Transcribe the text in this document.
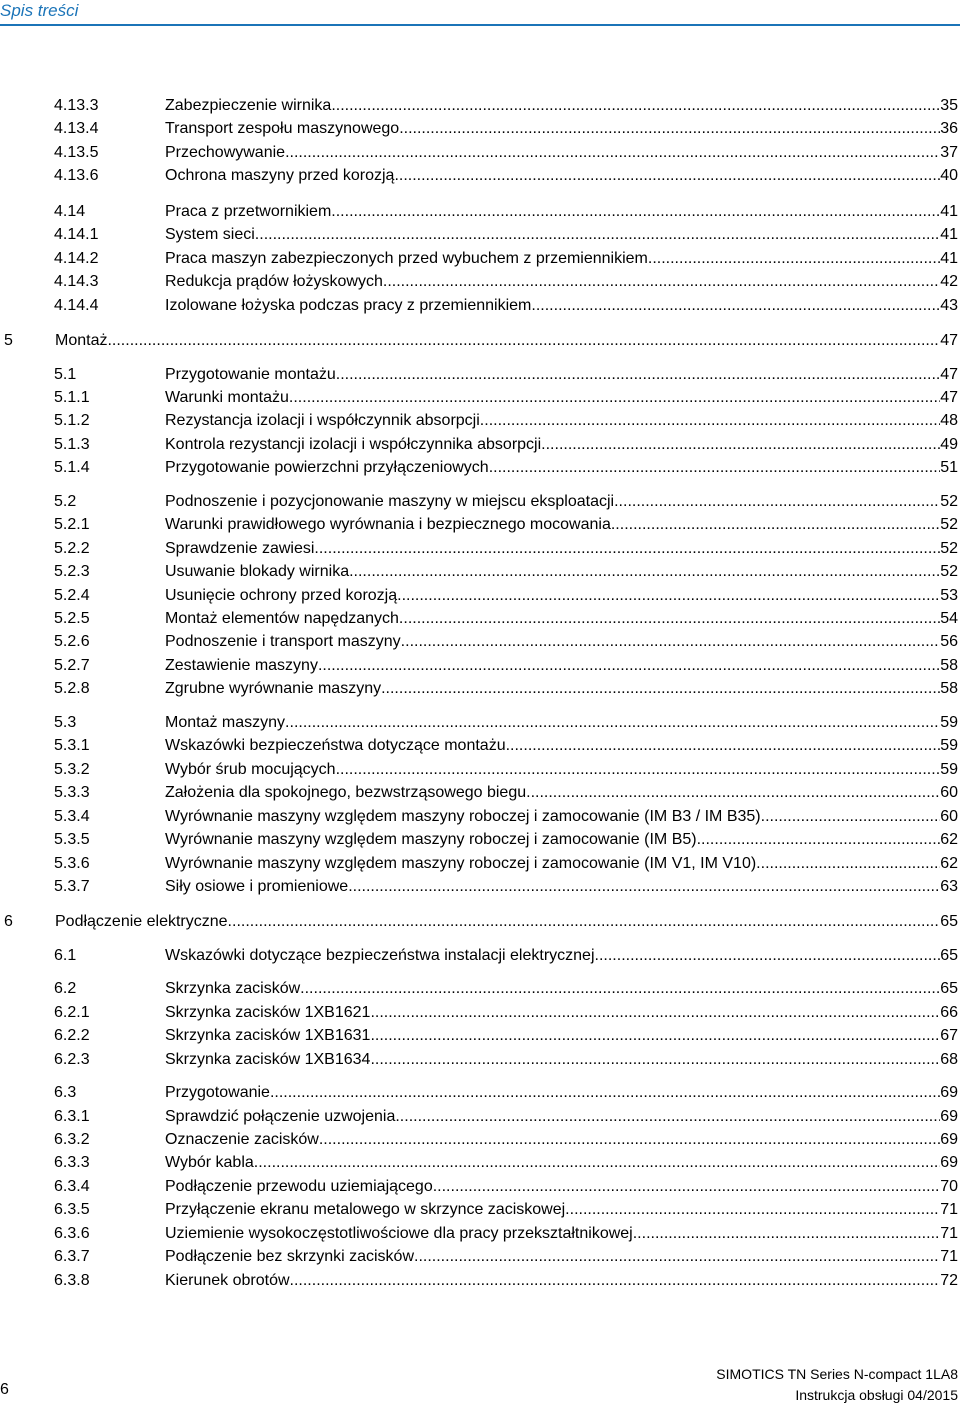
Spis treści
4.13.3	Zabezpieczenie wirnika .....	35
4.13.4	Transport zespołu maszynowego .....	36
4.13.5	Przechowywanie .....	37
4.13.6	Ochrona maszyny przed korozją .....	40
4.14	Praca z przetwornikiem .....	41
4.14.1	System sieci .....	41
4.14.2	Praca maszyn zabezpieczonych przed wybuchem z przemiennikiem .....	41
4.14.3	Redukcja prądów łożyskowych .....	42
4.14.4	Izolowane łożyska podczas pracy z przemiennikiem .....	43
5	Montaż .....	47
5.1	Przygotowanie montażu .....	47
5.1.1	Warunki montażu .....	47
5.1.2	Rezystancja izolacji i współczynnik absorpcji .....	48
5.1.3	Kontrola rezystancji izolacji i współczynnika absorpcji .....	49
5.1.4	Przygotowanie powierzchni przyłączeniowych .....	51
5.2	Podnoszenie i pozycjonowanie maszyny w miejscu eksploatacji .....	52
5.2.1	Warunki prawidłowego wyrównania i bezpiecznego mocowania .....	52
5.2.2	Sprawdzenie zawiesi .....	52
5.2.3	Usuwanie blokady wirnika .....	52
5.2.4	Usunięcie ochrony przed korozją .....	53
5.2.5	Montaż elementów napędzanych .....	54
5.2.6	Podnoszenie i transport maszyny .....	56
5.2.7	Zestawienie maszyny .....	58
5.2.8	Zgrubne wyrównanie maszyny .....	58
5.3	Montaż maszyny .....	59
5.3.1	Wskazówki bezpieczeństwa dotyczące montażu .....	59
5.3.2	Wybór śrub mocujących .....	59
5.3.3	Założenia dla spokojnego, bezwstrząsowego biegu .....	60
5.3.4	Wyrównanie maszyny względem maszyny roboczej i zamocowanie (IM B3 / IM B35). .....	60
5.3.5	Wyrównanie maszyny względem maszyny roboczej i zamocowanie (IM B5) .....	62
5.3.6	Wyrównanie maszyny względem maszyny roboczej i zamocowanie (IM V1, IM V10) .....	62
5.3.7	Siły osiowe i promieniowe .....	63
6	Podłączenie elektryczne .....	65
6.1	Wskazówki dotyczące bezpieczeństwa instalacji elektrycznej .....	65
6.2	Skrzynka zacisków .....	65
6.2.1	Skrzynka zacisków 1XB1621 .....	66
6.2.2	Skrzynka zacisków 1XB1631 .....	67
6.2.3	Skrzynka zacisków 1XB1634 .....	68
6.3	Przygotowanie .....	69
6.3.1	Sprawdzić połączenie uzwojenia .....	69
6.3.2	Oznaczenie zacisków .....	69
6.3.3	Wybór kabla .....	69
6.3.4	Podłączenie przewodu uziemiającego .....	70
6.3.5	Przyłączenie ekranu metalowego w skrzynce zaciskowej .....	71
6.3.6	Uziemienie wysokoczęstotliwościowe dla pracy przekształtnikowej .....	71
6.3.7	Podłączenie bez skrzynki zacisków .....	71
6.3.8	Kierunek obrotów .....	72
6
SIMOTICS TN Series N-compact 1LA8
Instrukcja obsługi 04/2015
